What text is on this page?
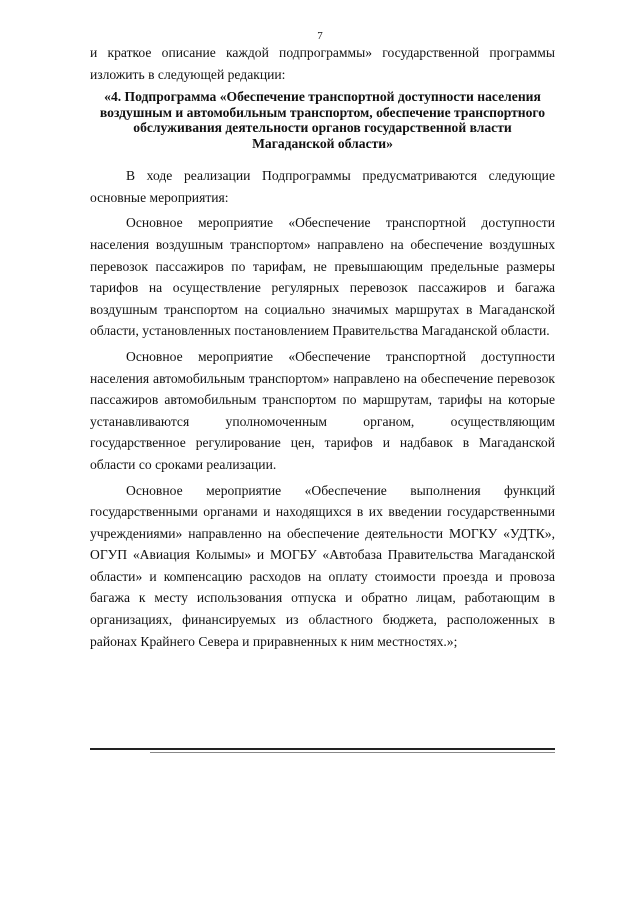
7

и краткое описание каждой подпрограммы» государственной программы изложить в следующей редакции:

«4. Подпрограмма «Обеспечение транспортной доступности населения воздушным и автомобильным транспортом, обеспечение транспортного обслуживания деятельности органов государственной власти Магаданской области»

В ходе реализации Подпрограммы предусматриваются следующие основные мероприятия:

Основное мероприятие «Обеспечение транспортной доступности населения воздушным транспортом» направлено на обеспечение воздушных перевозок пассажиров по тарифам, не превышающим предельные размеры тарифов на осуществление регулярных перевозок пассажиров и багажа воздушным транспортом на социально значимых маршрутах в Магаданской области, установленных постановлением Правительства Магаданской области.

Основное мероприятие «Обеспечение транспортной доступности населения автомобильным транспортом» направлено на обеспечение перевозок пассажиров автомобильным транспортом по маршрутам, тарифы на которые устанавливаются уполномоченным органом, осуществляющим государственное регулирование цен, тарифов и надбавок в Магаданской области со сроками реализации.

Основное мероприятие «Обеспечение выполнения функций государственными органами и находящихся в их введении государственными учреждениями» направленно на обеспечение деятельности МОГКУ «УДТК», ОГУП «Авиация Колымы» и МОГБУ «Автобаза Правительства Магаданской области» и компенсацию расходов на оплату стоимости проезда и провоза багажа к месту использования отпуска и обратно лицам, работающим в организациях, финансируемых из областного бюджета, расположенных в районах Крайнего Севера и приравненных к ним местностях.»;
